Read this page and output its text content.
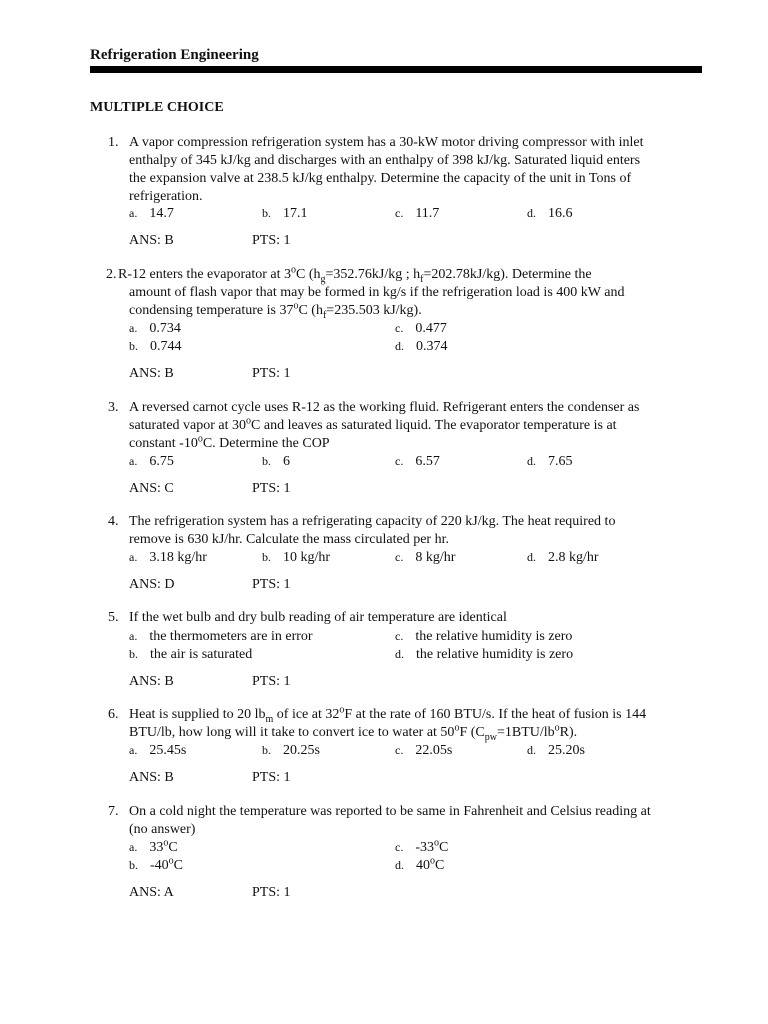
Refrigeration Engineering
MULTIPLE CHOICE
1. A vapor compression refrigeration system has a 30-kW motor driving compressor with inlet
enthalpy of 345 kJ/kg and discharges with an enthalpy of 398 kJ/kg. Saturated liquid enters
the expansion valve at 238.5 kJ/kg enthalpy. Determine the capacity of the unit in Tons of
refrigeration.
a. 14.7	b. 17.1	c. 11.7	d. 16.6
ANS: B	PTS: 1
2. R-12 enters the evaporator at 3$^o$C ($h_g=352.76kJ/kg$ ; $h_f=202.78kJ/kg$). Determine the
amount of flash vapor that may be formed in kg/s if the refrigeration load is 400 kW and
condensing temperature is 37$^o$C ($h_f=235.503$ kJ/kg).
a. 0.734	c. 0.477
b. 0.744	d. 0.374
ANS: B	PTS: 1
3. A reversed carnot cycle uses R-12 as the working fluid. Refrigerant enters the condenser as
saturated vapor at 30$^o$C and leaves as saturated liquid. The evaporator temperature is at
constant -10$^o$C. Determine the COP
a. 6.75	b. 6	c. 6.57	d. 7.65
ANS: C	PTS: 1
4. The refrigeration system has a refrigerating capacity of 220 kJ/kg. The heat required to
remove is 630 kJ/hr. Calculate the mass circulated per hr.
a. 3.18 kg/hr	b. 10 kg/hr	c. 8 kg/hr	d. 2.8 kg/hr
ANS: D	PTS: 1
5. If the wet bulb and dry bulb reading of air temperature are identical
a. the thermometers are in error	c. the relative humidity is zero
b. the air is saturated	d. the relative humidity is zero
ANS: B	PTS: 1
6. Heat is supplied to 20 $lb_m$ of ice at 32$^o$F at the rate of 160 BTU/s. If the heat of fusion is 144
BTU/lb, how long will it take to convert ice to water at 50$^o$F $(C_{pw}=1BTU/lb^oR)$.
a. 25.45s	b. 20.25s	c. 22.05s	d. 25.20s
ANS: B	PTS: 1
7. On a cold night the temperature was reported to be same in Fahrenheit and Celsius reading at
(no answer)
a. 33$^o$C	c. -33$^o$C
b. -40$^o$C	d. 40$^o$C
ANS: A	PTS: 1
